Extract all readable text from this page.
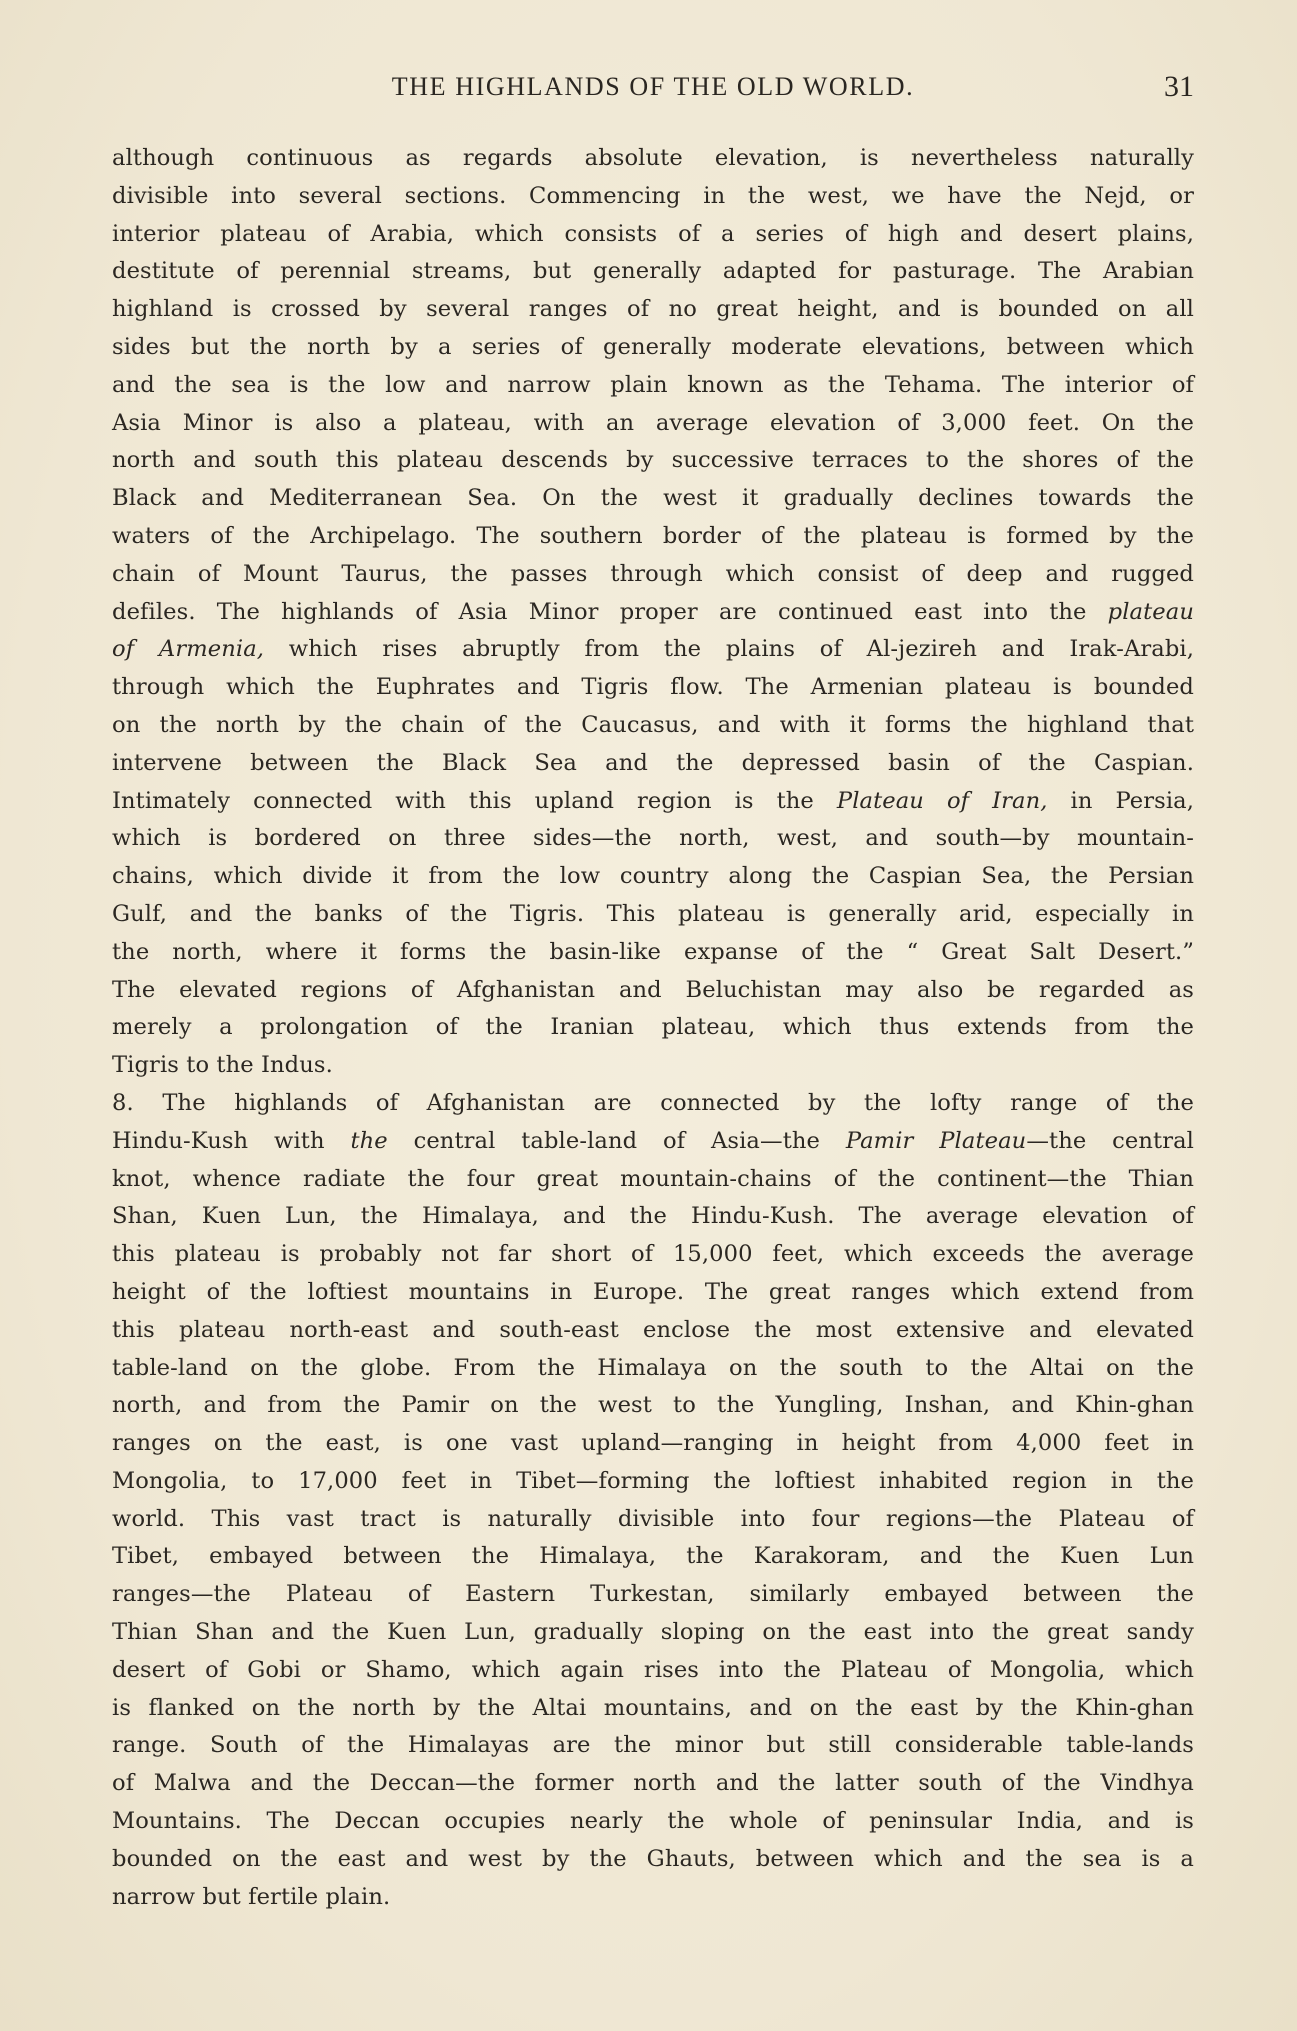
THE HIGHLANDS OF THE OLD WORLD.	31
although continuous as regards absolute elevation, is nevertheless naturally
divisible into several sections. Commencing in the west, we have the Nejd, or
interior plateau of Arabia, which consists of a series of high and desert plains,
destitute of perennial streams, but generally adapted for pasturage. The Arabian
highland is crossed by several ranges of no great height, and is bounded on all
sides but the north by a series of generally moderate elevations, between which
and the sea is the low and narrow plain known as the Tehama. The interior of
Asia Minor is also a plateau, with an average elevation of 3,000 feet. On the
north and south this plateau descends by successive terraces to the shores of the
Black and Mediterranean Sea. On the west it gradually declines towards the
waters of the Archipelago. The southern border of the plateau is formed by the
chain of Mount Taurus, the passes through which consist of deep and rugged
defiles. The highlands of Asia Minor proper are continued east into the plateau
of Armenia, which rises abruptly from the plains of Al-jezireh and Irak-Arabi,
through which the Euphrates and Tigris flow. The Armenian plateau is bounded
on the north by the chain of the Caucasus, and with it forms the highland that
intervene between the Black Sea and the depressed basin of the Caspian.
Intimately connected with this upland region is the Plateau of Iran, in Persia,
which is bordered on three sides—the north, west, and south—by mountain-
chains, which divide it from the low country along the Caspian Sea, the Persian
Gulf, and the banks of the Tigris. This plateau is generally arid, especially in
the north, where it forms the basin-like expanse of the “ Great Salt Desert.”
The elevated regions of Afghanistan and Beluchistan may also be regarded as
merely a prolongation of the Iranian plateau, which thus extends from the
Tigris to the Indus.
8. The highlands of Afghanistan are connected by the lofty range of the
Hindu-Kush with the central table-land of Asia—the Pamir Plateau—the central
knot, whence radiate the four great mountain-chains of the continent—the Thian
Shan, Kuen Lun, the Himalaya, and the Hindu-Kush. The average elevation of
this plateau is probably not far short of 15,000 feet, which exceeds the average
height of the loftiest mountains in Europe. The great ranges which extend from
this plateau north-east and south-east enclose the most extensive and elevated
table-land on the globe. From the Himalaya on the south to the Altai on the
north, and from the Pamir on the west to the Yungling, Inshan, and Khin-ghan
ranges on the east, is one vast upland—ranging in height from 4,000 feet in
Mongolia, to 17,000 feet in Tibet—forming the loftiest inhabited region in the
world. This vast tract is naturally divisible into four regions—the Plateau of
Tibet, embayed between the Himalaya, the Karakoram, and the Kuen Lun
ranges—the Plateau of Eastern Turkestan, similarly embayed between the
Thian Shan and the Kuen Lun, gradually sloping on the east into the great sandy
desert of Gobi or Shamo, which again rises into the Plateau of Mongolia, which
is flanked on the north by the Altai mountains, and on the east by the Khin-ghan
range. South of the Himalayas are the minor but still considerable table-lands
of Malwa and the Deccan—the former north and the latter south of the Vindhya
Mountains. The Deccan occupies nearly the whole of peninsular India, and is
bounded on the east and west by the Ghauts, between which and the sea is a
narrow but fertile plain.
